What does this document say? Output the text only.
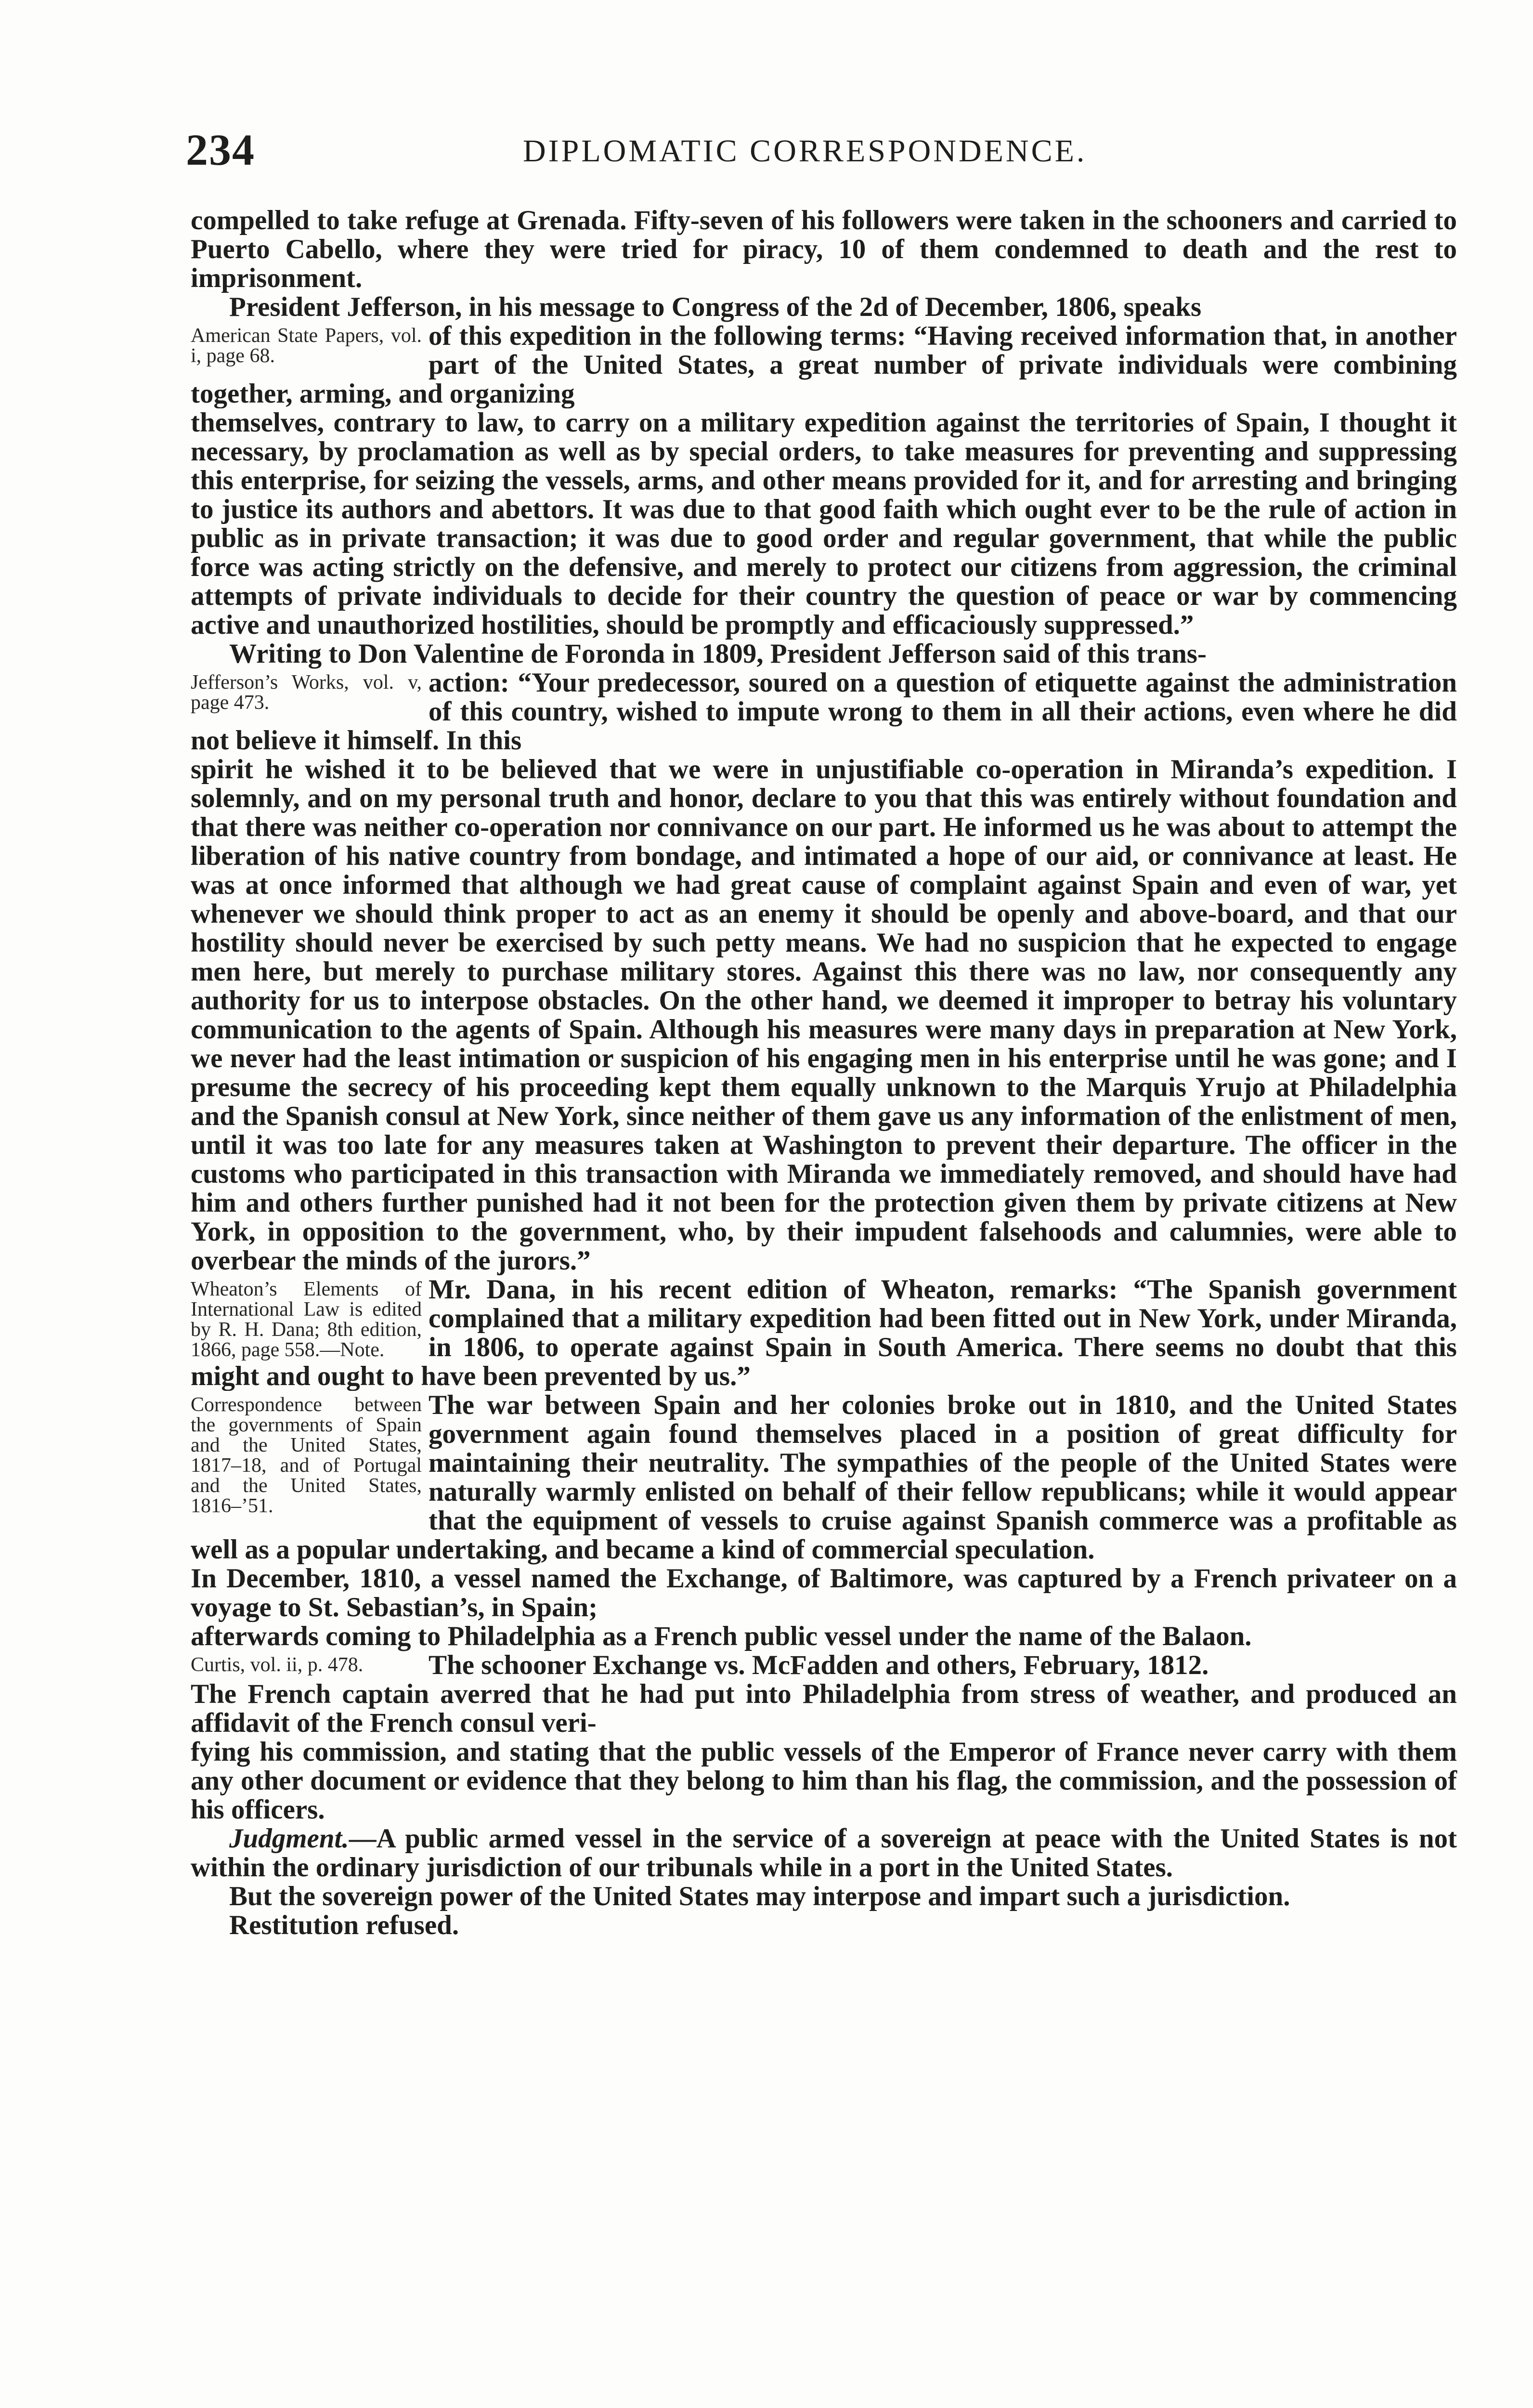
234	DIPLOMATIC CORRESPONDENCE.

compelled to take refuge at Grenada. Fifty-seven of his followers were taken in the schooners and carried to Puerto Cabello, where they were tried for piracy, 10 of them condemned to death and the rest to imprisonment.

President Jefferson, in his message to Congress of the 2d of December, 1806, speaks

American State Papers, vol. i, page 68.

of this expedition in the following terms: “Having received information that, in another part of the United States, a great number of private individuals were combining together, arming, and organizing

themselves, contrary to law, to carry on a military expedition against the territories of Spain, I thought it necessary, by proclamation as well as by special orders, to take measures for preventing and suppressing this enterprise, for seizing the vessels, arms, and other means provided for it, and for arresting and bringing to justice its authors and abettors. It was due to that good faith which ought ever to be the rule of action in public as in private transaction; it was due to good order and regular government, that while the public force was acting strictly on the defensive, and merely to protect our citizens from aggression, the criminal attempts of private individuals to decide for their country the question of peace or war by commencing active and unauthorized hostilities, should be promptly and efficaciously suppressed.”

Writing to Don Valentine de Foronda in 1809, President Jefferson said of this trans-

Jefferson’s Works, vol. v, page 473.

action: “Your predecessor, soured on a question of etiquette against the administration of this country, wished to impute wrong to them in all their actions, even where he did not believe it himself. In this

spirit he wished it to be believed that we were in unjustifiable co-operation in Miranda’s expedition. I solemnly, and on my personal truth and honor, declare to you that this was entirely without foundation and that there was neither co-operation nor connivance on our part. He informed us he was about to attempt the liberation of his native country from bondage, and intimated a hope of our aid, or connivance at least. He was at once informed that although we had great cause of complaint against Spain and even of war, yet whenever we should think proper to act as an enemy it should be openly and above-board, and that our hostility should never be exercised by such petty means. We had no suspicion that he expected to engage men here, but merely to purchase military stores. Against this there was no law, nor consequently any authority for us to interpose obstacles. On the other hand, we deemed it improper to betray his voluntary communication to the agents of Spain. Although his measures were many days in preparation at New York, we never had the least intimation or suspicion of his engaging men in his enterprise until he was gone; and I presume the secrecy of his proceeding kept them equally unknown to the Marquis Yrujo at Philadelphia and the Spanish consul at New York, since neither of them gave us any information of the enlistment of men, until it was too late for any measures taken at Washington to prevent their departure. The officer in the customs who participated in this transaction with Miranda we immediately removed, and should have had him and others further punished had it not been for the protection given them by private citizens at New York, in opposition to the government, who, by their impudent falsehoods and calumnies, were able to overbear the minds of the jurors.”

Wheaton’s Elements of International Law is edited by R. H. Dana; 8th edition, 1866, page 558.—Note.

Mr. Dana, in his recent edition of Wheaton, remarks: “The Spanish government complained that a military expedition had been fitted out in New York, under Miranda, in 1806, to operate against Spain in South America. There seems no doubt that this might and ought to have been prevented by us.”

Correspondence between the governments of Spain and the United States, 1817–18, and of Portugal and the United States, 1816–’51.

The war between Spain and her colonies broke out in 1810, and the United States government again found themselves placed in a position of great difficulty for maintaining their neutrality. The sympathies of the people of the United States were naturally warmly enlisted on behalf of their fellow republicans; while it would appear that the equipment of vessels to cruise against Spanish commerce was a profitable as well as a popular undertaking, and became a kind of commercial speculation.

In December, 1810, a vessel named the Exchange, of Baltimore, was captured by a French privateer on a voyage to St. Sebastian’s, in Spain;

afterwards coming to Philadelphia as a French public vessel under the name of the Balaon.

Curtis, vol. ii, p. 478.	The schooner Exchange vs. McFadden and others, February, 1812.

The French captain averred that he had put into Philadelphia from stress of weather, and produced an affidavit of the French consul veri-

fying his commission, and stating that the public vessels of the Emperor of France never carry with them any other document or evidence that they belong to him than his flag, the commission, and the possession of his officers.

Judgment.—A public armed vessel in the service of a sovereign at peace with the United States is not within the ordinary jurisdiction of our tribunals while in a port in the United States.

But the sovereign power of the United States may interpose and impart such a jurisdiction.

Restitution refused.
